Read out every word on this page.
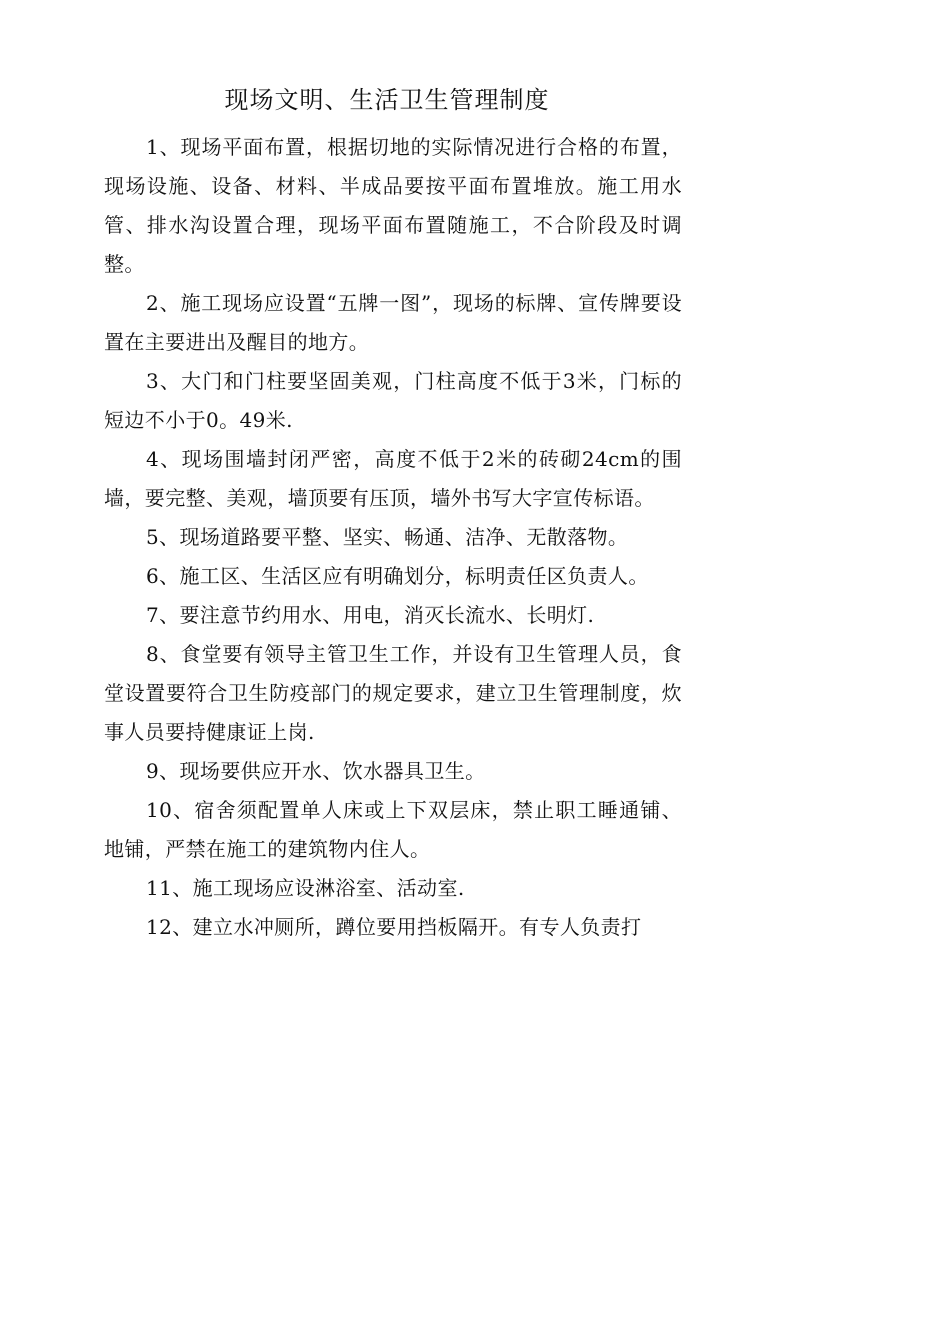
现场文明、生活卫生管理制度

1、现场平面布置，根据切地的实际情况进行合格的布置，现场设施、设备、材料、半成品要按平面布置堆放。施工用水管、排水沟设置合理，现场平面布置随施工，不合阶段及时调整。

2、施工现场应设置“五牌一图”，现场的标牌、宣传牌要设置在主要进出及醒目的地方。

3、大门和门柱要坚固美观，门柱高度不低于3米，门标的短边不小于0。49米.

4、现场围墙封闭严密，高度不低于2米的砖砌24cm的围墙，要完整、美观，墙顶要有压顶，墙外书写大字宣传标语。

5、现场道路要平整、坚实、畅通、洁净、无散落物。

6、施工区、生活区应有明确划分，标明责任区负责人。

7、要注意节约用水、用电，消灭长流水、长明灯.

8、食堂要有领导主管卫生工作，并设有卫生管理人员，食堂设置要符合卫生防疫部门的规定要求，建立卫生管理制度，炊事人员要持健康证上岗.

9、现场要供应开水、饮水器具卫生。

10、宿舍须配置单人床或上下双层床，禁止职工睡通铺、地铺，严禁在施工的建筑物内住人。

11、施工现场应设淋浴室、活动室.

12、建立水冲厕所，蹲位要用挡板隔开。有专人负责打
